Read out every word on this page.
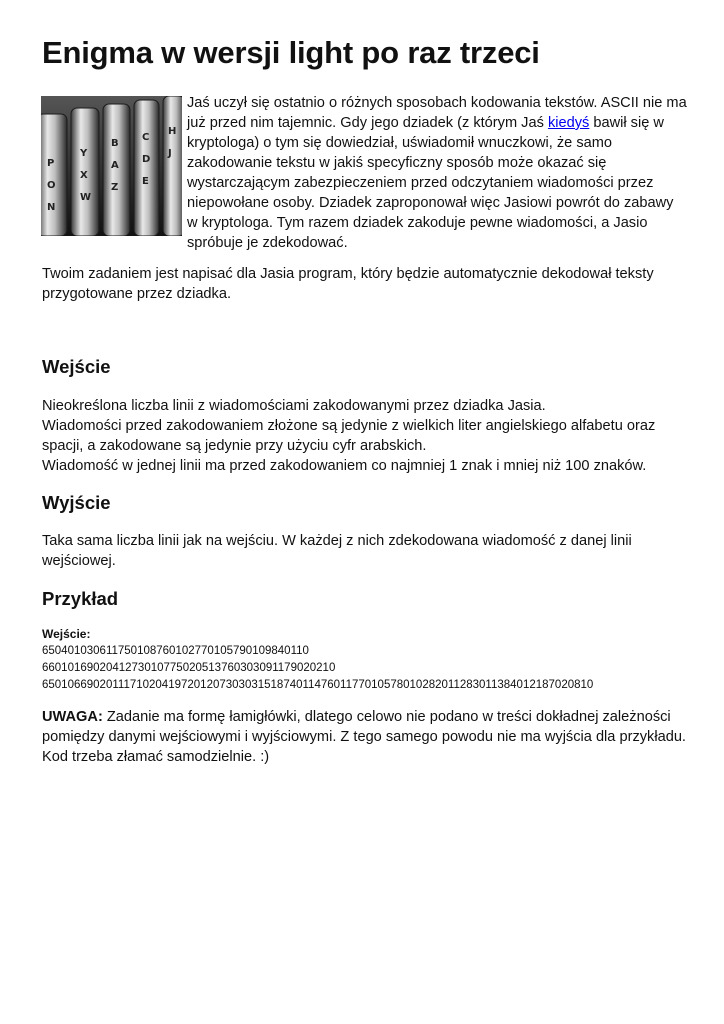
Enigma w wersji light po raz trzeci
P
O
N
Y
X
W
B
A
Z
C
D
E
H
J

Jaś uczył się ostatnio o różnych sposobach kodowania tekstów. ASCII nie ma już przed nim tajemnic. Gdy jego dziadek (z którym Jaś kiedyś bawił się w kryptologa) o tym się dowiedział, uświadomił wnuczkowi, że samo zakodowanie tekstu w jakiś specyficzny sposób może okazać się wystarczającym zabezpieczeniem przed odczytaniem wiadomości przez niepowołane osoby. Dziadek zaproponował więc Jasiowi powrót do zabawy w kryptologa. Tym razem dziadek zakoduje pewne wiadomości, a Jasio spróbuje je zdekodować.

Twoim zadaniem jest napisać dla Jasia program, który będzie automatycznie dekodował teksty przygotowane przez dziadka.

Wejście

Nieokreślona liczba linii z wiadomościami zakodowanymi przez dziadka Jasia.

Wiadomości przed zakodowaniem złożone są jedynie z wielkich liter angielskiego alfabetu oraz spacji, a zakodowane są jedynie przy użyciu cyfr arabskich.

Wiadomość w jednej linii ma przed zakodowaniem co najmniej 1 znak i mniej niż 100 znaków.

Wyjście

Taka sama liczba linii jak na wejściu. W każdej z nich zdekodowana wiadomość z danej linii wejściowej.

Przykład
Wejście:
650401030611750108760102770105790109840110
6601016902041273010775020513760303091179020210
650106690201117102041972012073030315187401147601177010578010282011283011384012187020810

UWAGA: Zadanie ma formę łamigłówki, dlatego celowo nie podano w treści dokładnej zależności pomiędzy danymi wejściowymi i wyjściowymi. Z tego samego powodu nie ma wyjścia dla przykładu. Kod trzeba złamać samodzielnie. :)
